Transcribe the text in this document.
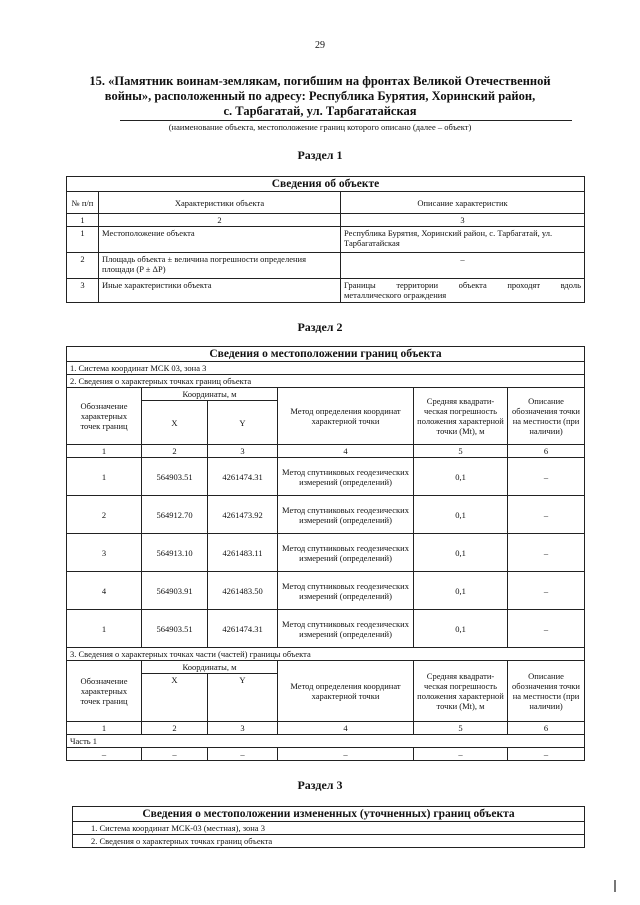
29
15. «Памятник воинам-землякам, погибшим на фронтах Великой Отечественной
войны», расположенный по адресу: Республика Бурятия, Хоринский район,
с. Тарбагатай, ул. Тарбагатайская
(наименование объекта, местоположение границ которого описано (далее – объект)
Раздел 1
Сведения об объекте		
№ п/п	Характеристики объекта	Описание характеристик
1	2	3
1	Местоположение объекта	Республика Бурятия, Хоринский район, с. Тарбагатай, ул. Тарбагатайская
2	Площадь объекта ± величина погрешности определения площади (P ± ΔP)	–
3	Иные характеристики объекта	Границы территории объекта проходят вдоль
металлического ограждения
Раздел 2
Сведения о местоположении границ объекта					
1. Система координат МСК 03, зона 3					
2. Сведения о характерных точках границ объекта					
Обозначение характерных точек границ	Координаты, м		Метод определения координат характерной точки	Средняя квадрати-ческая погрешность положения характерной точки (Mt), м	Описание обозначения точки на местности (при наличии)
	X	Y			
1	2	3	4	5	6
1	564903.51	4261474.31	Метод спутниковых геодезических измерений (определений)	0,1	–
2	564912.70	4261473.92	Метод спутниковых геодезических измерений (определений)	0,1	–
3	564913.10	4261483.11	Метод спутниковых геодезических измерений (определений)	0,1	–
4	564903.91	4261483.50	Метод спутниковых геодезических измерений (определений)	0,1	–
1	564903.51	4261474.31	Метод спутниковых геодезических измерений (определений)	0,1	–
3. Сведения о характерных точках части (частей) границы объекта					
Обозначение характерных точек границ	Координаты, м		Метод определения координат характерной точки	Средняя квадрати-ческая погрешность положения характерной точки (Mt), м	Описание обозначения точки на местности (при наличии)
	X	Y			
1	2	3	4	5	6
Часть 1					
–	–	–	–	–	–
Раздел 3
Сведения о местоположении измененных (уточненных) границ объекта
1. Система координат МСК-03 (местная), зона 3
2. Сведения о характерных точках границ объекта
